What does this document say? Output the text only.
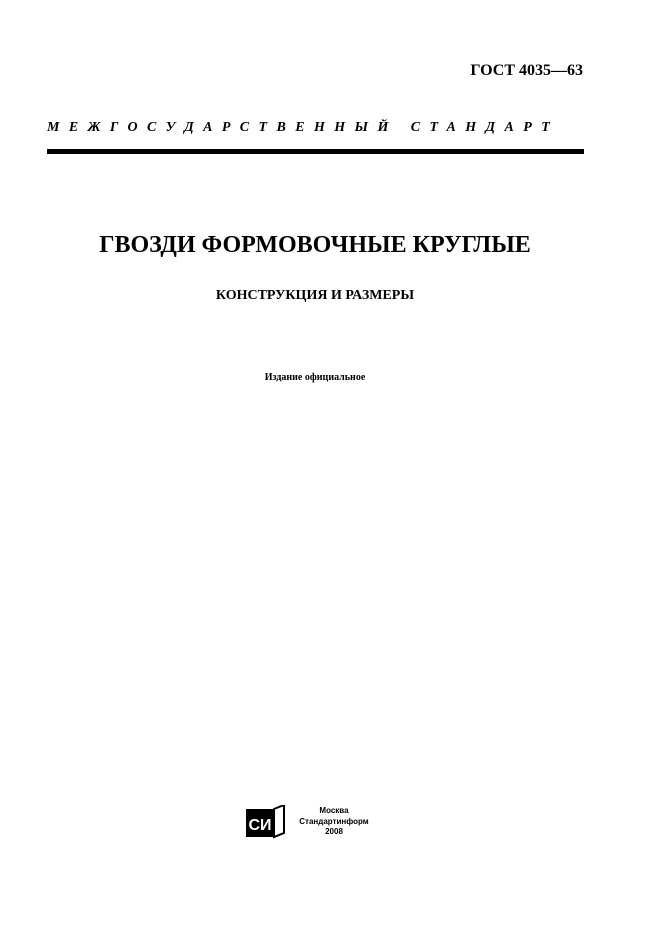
ГОСТ 4035—63
МЕЖГОСУДАРСТВЕННЫЙ СТАНДАРТ
ГВОЗДИ ФОРМОВОЧНЫЕ КРУГЛЫЕ
КОНСТРУКЦИЯ И РАЗМЕРЫ
Издание официальное
СИ
Москва
Стандартинформ
2008
